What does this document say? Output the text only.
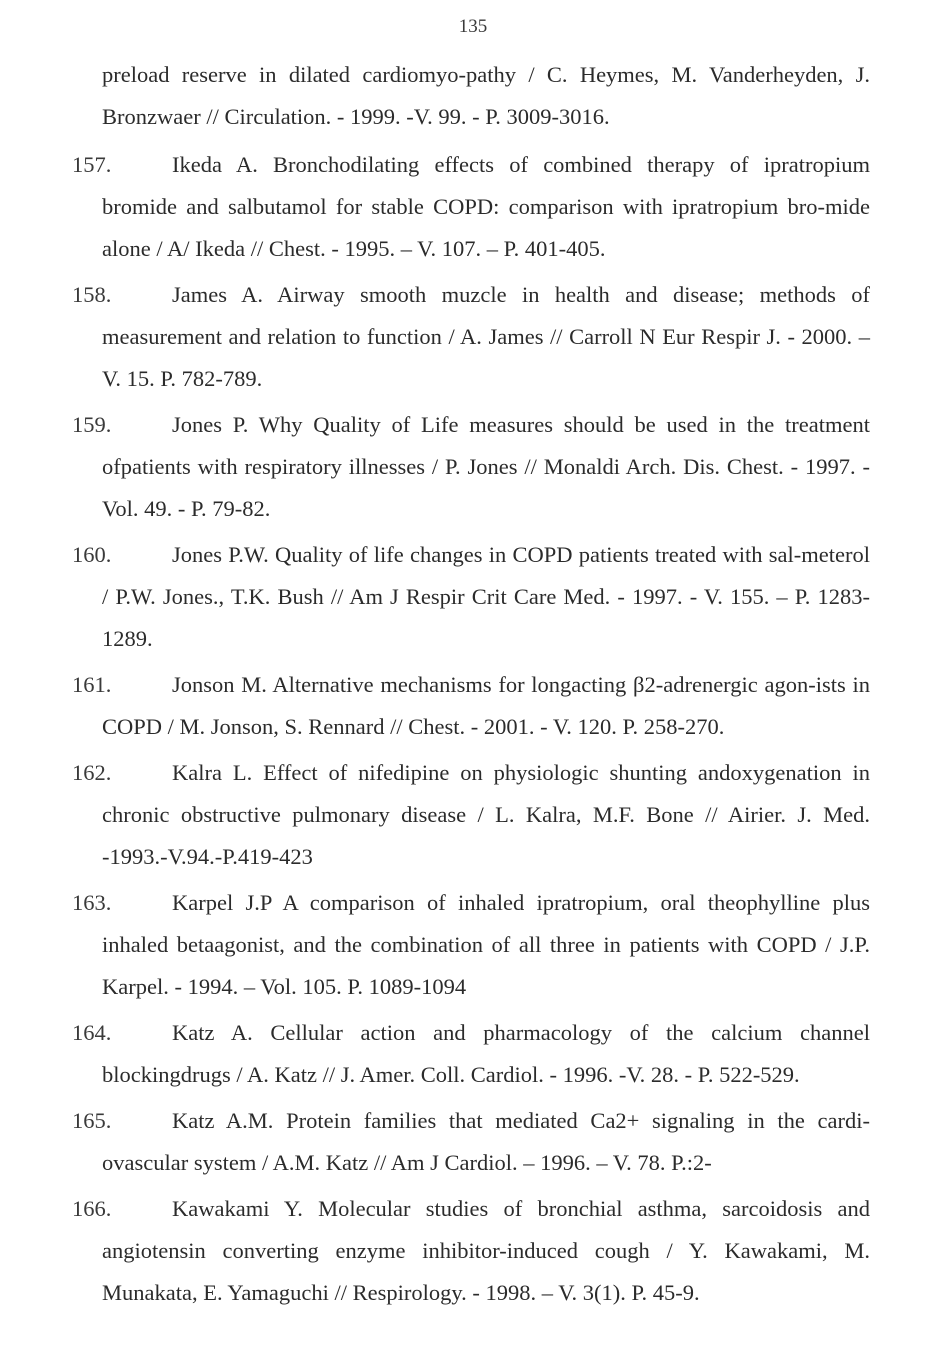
135
preload reserve in dilated cardiomyo-pathy / C. Heymes, M. Vanderheyden, J. Bronzwaer // Circulation. - 1999. -V. 99. - P. 3009-3016.
157.	Ikeda A. Bronchodilating effects of combined therapy of ipratropium bromide and salbutamol for stable COPD: comparison with ipratropium bro-mide alone / A/ Ikeda // Chest. - 1995. – V. 107. – P. 401-405.
158.	James A. Airway smooth muzcle in health and disease; methods of measurement and relation to function / A. James // Carroll N Eur Respir J. - 2000. – V. 15. P. 782-789.
159.	Jones P. Why Quality of Life measures should be used in the treatment ofpatients with respiratory illnesses / P. Jones // Monaldi Arch. Dis. Chest. - 1997. -Vol. 49. - P. 79-82.
160.	Jones P.W. Quality of life changes in COPD patients treated with sal-meterol / P.W. Jones., T.K. Bush // Am J Respir Crit Care Med. - 1997. - V. 155. – P. 1283-1289.
161.	Jonson M. Alternative mechanisms for longacting β2-adrenergic agon-ists in COPD / M. Jonson, S. Rennard // Chest. - 2001. - V. 120. P. 258-270.
162.	Kalra L. Effect of nifedipine on physiologic shunting andoxygenation in chronic obstructive pulmonary disease / L. Kalra, M.F. Bone // Airier. J. Med. -1993.-V.94.-P.419-423
163.	Karpel J.P A comparison of inhaled ipratropium, oral theophylline plus inhaled betaagonist, and the combination of all three in patients with COPD / J.P. Karpel. - 1994. – Vol. 105. P. 1089-1094
164.	Katz A. Cellular action and pharmacology of the calcium channel blockingdrugs / A. Katz // J. Amer. Coll. Cardiol. - 1996. -V. 28. - P. 522-529.
165.	Katz A.M. Protein families that mediated Ca2+ signaling in the cardi-ovascular system / A.M. Katz // Am J Cardiol. – 1996. – V. 78. P.:2-
166.	Kawakami Y. Molecular studies of bronchial asthma, sarcoidosis and angiotensin converting enzyme inhibitor-induced cough / Y. Kawakami, M. Munakata, E. Yamaguchi // Respirology. - 1998. – V. 3(1). P. 45-9.
